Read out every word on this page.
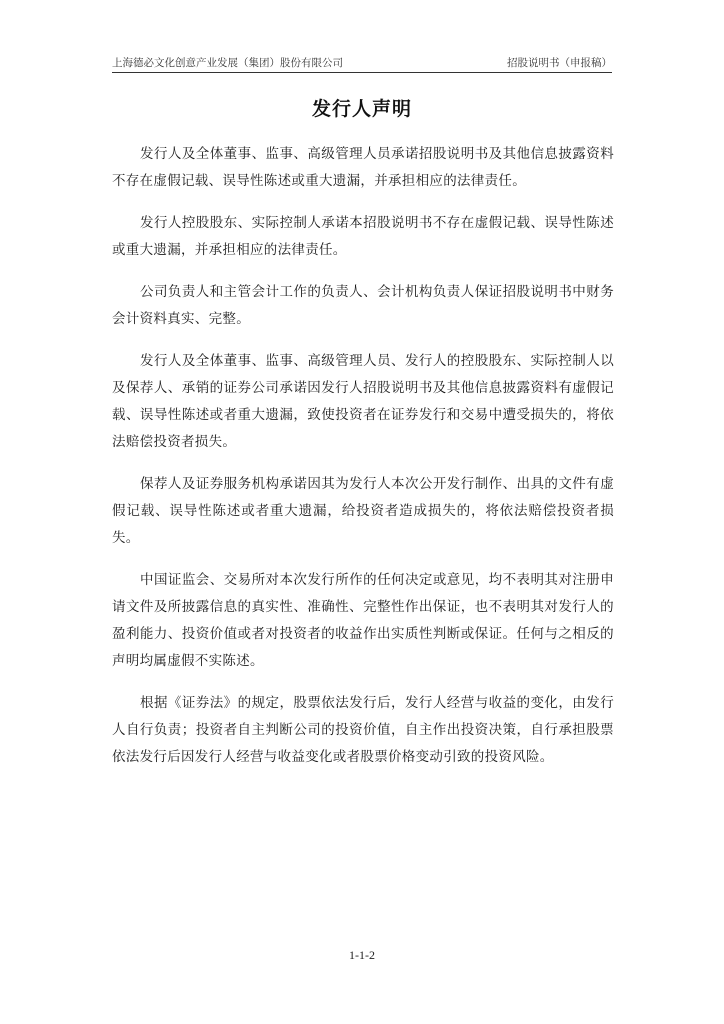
上海德必文化创意产业发展（集团）股份有限公司	招股说明书（申报稿）
发行人声明

发行人及全体董事、监事、高级管理人员承诺招股说明书及其他信息披露资料不存在虚假记载、误导性陈述或重大遗漏，并承担相应的法律责任。

发行人控股股东、实际控制人承诺本招股说明书不存在虚假记载、误导性陈述或重大遗漏，并承担相应的法律责任。

公司负责人和主管会计工作的负责人、会计机构负责人保证招股说明书中财务会计资料真实、完整。

发行人及全体董事、监事、高级管理人员、发行人的控股股东、实际控制人以及保荐人、承销的证券公司承诺因发行人招股说明书及其他信息披露资料有虚假记载、误导性陈述或者重大遗漏，致使投资者在证券发行和交易中遭受损失的，将依法赔偿投资者损失。

保荐人及证券服务机构承诺因其为发行人本次公开发行制作、出具的文件有虚假记载、误导性陈述或者重大遗漏，给投资者造成损失的，将依法赔偿投资者损失。

中国证监会、交易所对本次发行所作的任何决定或意见，均不表明其对注册申请文件及所披露信息的真实性、准确性、完整性作出保证，也不表明其对发行人的盈利能力、投资价值或者对投资者的收益作出实质性判断或保证。任何与之相反的声明均属虚假不实陈述。

根据《证券法》的规定，股票依法发行后，发行人经营与收益的变化，由发行人自行负责；投资者自主判断公司的投资价值，自主作出投资决策，自行承担股票依法发行后因发行人经营与收益变化或者股票价格变动引致的投资风险。

1-1-2
